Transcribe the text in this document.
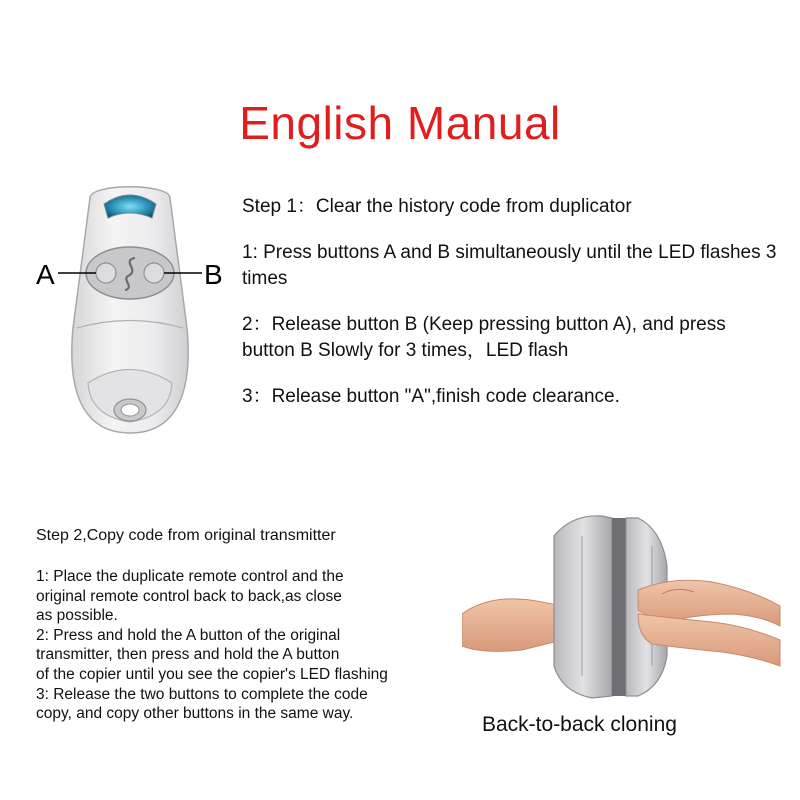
English Manual
A	B
Step 1：Clear the history code from duplicator

1: Press buttons A and B simultaneously until the LED flashes 3 times

2：Release button B (Keep pressing button A), and press button B Slowly for 3 times，LED flash

3：Release button "A",finish code clearance.

Step 2,Copy code from original transmitter

1: Place the duplicate remote control and the

original remote control back to back,as close

as possible.

2: Press and hold the A button of the original

transmitter, then press and hold the A button

of the copier until you see the copier's LED flashing

3: Release the two buttons to complete the code

copy, and copy other buttons in the same way.	Back-to-back cloning
